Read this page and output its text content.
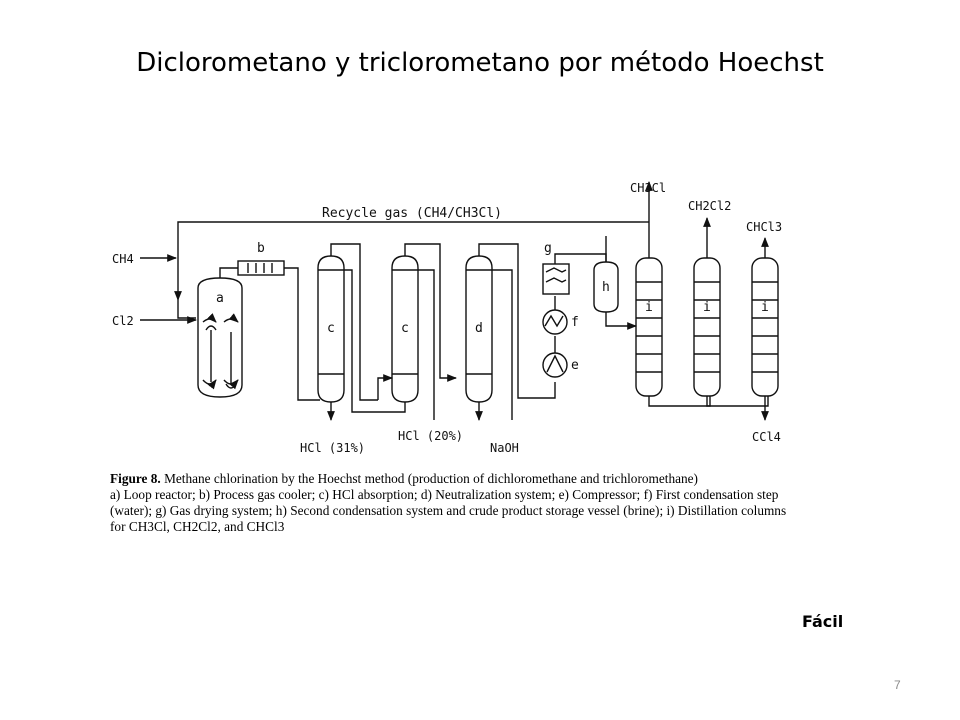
Diclorometano y triclorometano por método Hoechst
Recycle gas (CH4/CH3Cl)
CH4
Cl2
a
b
c	c	d
e
f
g
h
i	i	i
CH3Cl
CH2Cl2
CHCl3
CCl4
HCl (31%)
HCl (20%)
NaOH
Figure 8. Methane chlorination by the Hoechst method (production of dichloromethane and trichloromethane)
a) Loop reactor; b) Process gas cooler; c) HCl absorption; d) Neutralization system; e) Compressor; f) First condensation step
(water); g) Gas drying system; h) Second condensation system and crude product storage vessel (brine); i) Distillation columns
for CH3Cl, CH2Cl2, and CHCl3
Fácil
7
